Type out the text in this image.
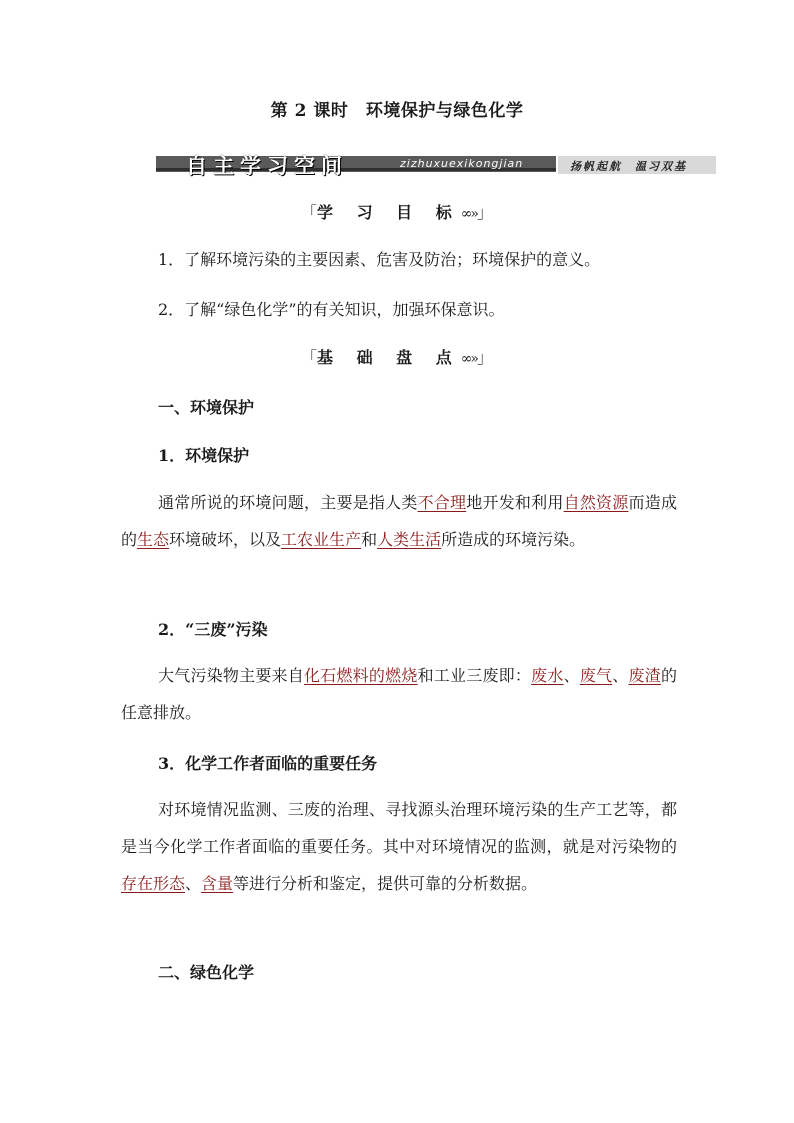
第 2 课时　环境保护与绿色化学
自主学习空间	zizhuxuexikongjian	扬帆起航　温习双基
「学 习 目 标∞»」
1．了解环境污染的主要因素、危害及防治；环境保护的意义。
2．了解“绿色化学”的有关知识，加强环保意识。
「基 础 盘 点∞»」
一、环境保护
1．环境保护

通常所说的环境问题，主要是指人类不合理地开发和利用自然资源而造成的生态环境破坏，以及工农业生产和人类生活所造成的环境污染。

2．“三废”污染

大气污染物主要来自化石燃料的燃烧和工业三废即：废水、废气、废渣的任意排放。

3．化学工作者面临的重要任务

对环境情况监测、三废的治理、寻找源头治理环境污染的生产工艺等，都是当今化学工作者面临的重要任务。其中对环境情况的监测，就是对污染物的存在形态、含量等进行分析和鉴定，提供可靠的分析数据。

二、绿色化学
